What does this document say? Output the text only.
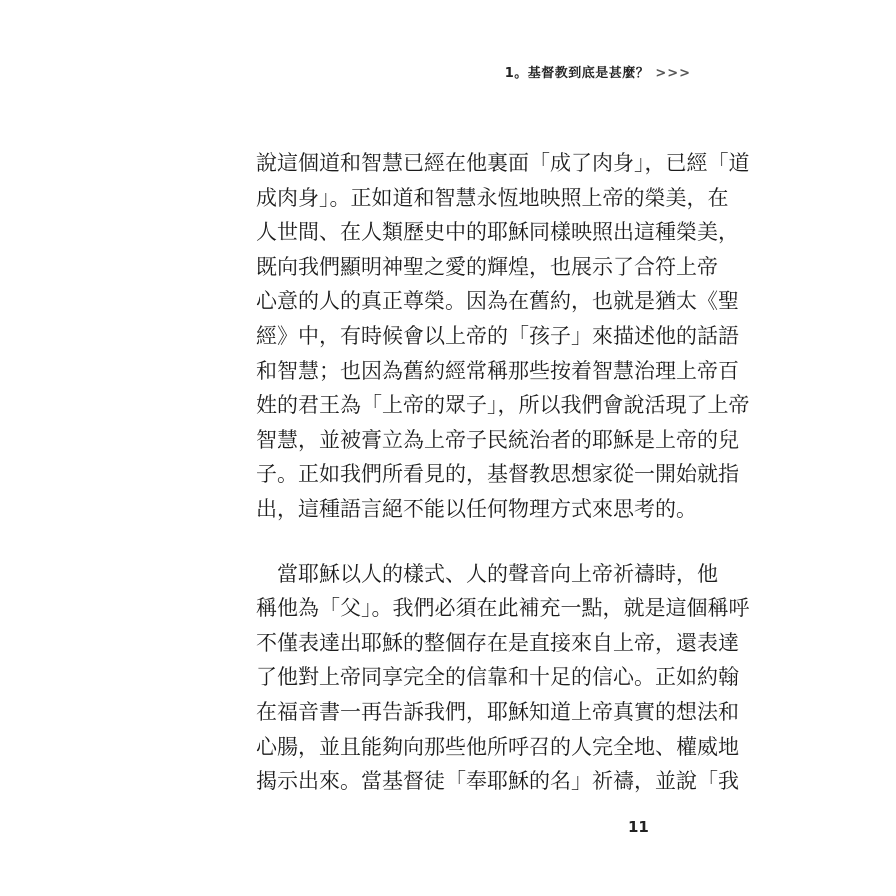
1。基督教到底是甚麼？ >>>
說這個道和智慧已經在他裏面「成了肉身」，已經「道
成肉身」。正如道和智慧永恆地映照上帝的榮美，在
人世間、在人類歷史中的耶穌同樣映照出這種榮美，
既向我們顯明神聖之愛的輝煌，也展示了合符上帝
心意的人的真正尊榮。因為在舊約，也就是猶太《聖
經》中，有時候會以上帝的「孩子」來描述他的話語
和智慧；也因為舊約經常稱那些按着智慧治理上帝百
姓的君王為「上帝的眾子」，所以我們會說活現了上帝
智慧，並被膏立為上帝子民統治者的耶穌是上帝的兒
子。正如我們所看見的，基督教思想家從一開始就指
出，這種語言絕不能以任何物理方式來思考的。
當耶穌以人的樣式、人的聲音向上帝祈禱時，他
稱他為「父」。我們必須在此補充一點，就是這個稱呼
不僅表達出耶穌的整個存在是直接來自上帝，還表達
了他對上帝同享完全的信靠和十足的信心。正如約翰
在福音書一再告訴我們，耶穌知道上帝真實的想法和
心腸，並且能夠向那些他所呼召的人完全地、權威地
揭示出來。當基督徒「奉耶穌的名」祈禱，並說「我
11
